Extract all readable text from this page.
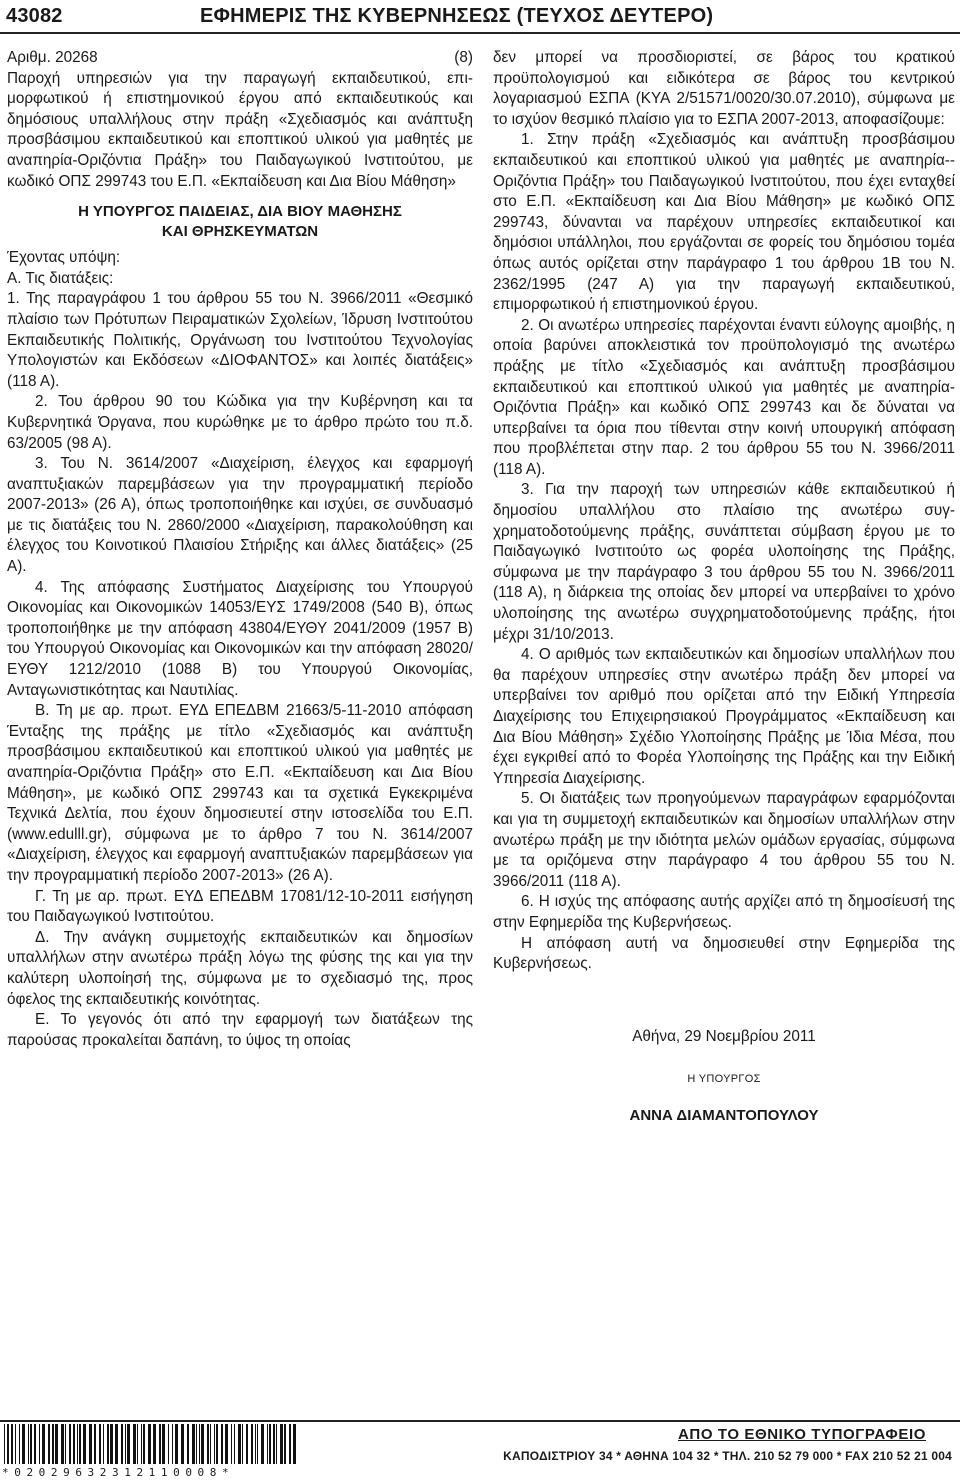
43082	ΕΦΗΜΕΡΙΣ ΤΗΣ ΚΥΒΕΡΝΗΣΕΩΣ (ΤΕΥΧΟΣ ΔΕΥΤΕΡΟ)

Αριθμ. 20268	(8)

Παροχή υπηρεσιών για την παραγωγή εκπαιδευτικού, επιμορφωτικού ή επιστημονικού έργου από εκπαιδευτικούς και δημόσιους υπαλλήλους στην πράξη «Σχεδιασμός και ανάπτυξη προσβάσιμου εκπαιδευτικού και εποπτικού υλικού για μαθητές με αναπηρία-Οριζόντια Πράξη» του Παιδαγωγικού Ινστιτούτου, με κωδικό ΟΠΣ 299743 του Ε.Π. «Εκπαίδευση και Δια Βίου Μάθηση»

Η ΥΠΟΥΡΓΟΣ ΠΑΙΔΕΙΑΣ, ΔΙΑ ΒΙΟΥ ΜΑΘΗΣΗΣ
ΚΑΙ ΘΡΗΣΚΕΥΜΑΤΩΝ

Έχοντας υπόψη:

Α. Τις διατάξεις:

1. Της παραγράφου 1 του άρθρου 55 του Ν. 3966/2011 «Θεσμικό πλαίσιο των Πρότυπων Πειραματικών Σχολείων, Ίδρυση Ινστιτούτου Εκπαιδευτικής Πολιτικής, Οργάνωση του Ινστιτούτου Τεχνολογίας Υπολογιστών και Εκδόσεων «ΔΙΟΦΑΝΤΟΣ» και λοιπές διατάξεις» (118 Α).

2. Του άρθρου 90 του Κώδικα για την Κυβέρνηση και τα Κυβερνητικά Όργανα, που κυρώθηκε με το άρθρο πρώτο του π.δ. 63/2005 (98 Α).

3. Του Ν. 3614/2007 «Διαχείριση, έλεγχος και εφαρμογή αναπτυξιακών παρεμβάσεων για την προγραμματική περίοδο 2007-2013» (26 Α), όπως τροποποιήθηκε και ισχύει, σε συνδυασμό με τις διατάξεις του Ν. 2860/2000 «Διαχείριση, παρακολούθηση και έλεγχος του Κοινοτικού Πλαισίου Στήριξης και άλλες διατάξεις» (25 Α).

4. Της απόφασης Συστήματος Διαχείρισης του Υπουργού Οικονομίας και Οικονομικών 14053/ΕΥΣ 1749/2008 (540 Β), όπως τροποποιήθηκε με την απόφαση 43804/ΕΥΘΥ 2041/2009 (1957 Β) του Υπουργού Οικονομίας και Οικονομικών και την απόφαση 28020/ΕΥΘΥ 1212/2010 (1088 Β) του Υπουργού Οικονομίας, Ανταγωνιστικότητας και Ναυτιλίας.

Β. Τη με αρ. πρωτ. ΕΥΔ ΕΠΕΔΒΜ 21663/5-11-2010 απόφαση Ένταξης της πράξης με τίτλο «Σχεδιασμός και ανάπτυξη προσβάσιμου εκπαιδευτικού και εποπτικού υλικού για μαθητές με αναπηρία-Οριζόντια Πράξη» στο Ε.Π. «Εκπαίδευση και Δια Βίου Μάθηση», με κωδικό ΟΠΣ 299743 και τα σχετικά Εγκεκριμένα Τεχνικά Δελτία, που έχουν δημοσιευτεί στην ιστοσελίδα του Ε.Π. (www.edulll.gr), σύμφωνα με το άρθρο 7 του Ν. 3614/2007 «Διαχείριση, έλεγχος και εφαρμογή αναπτυξιακών παρεμβάσεων για την προγραμματική περίοδο 2007-2013» (26 Α).

Γ. Τη με αρ. πρωτ. ΕΥΔ ΕΠΕΔΒΜ 17081/12-10-2011 εισήγηση του Παιδαγωγικού Ινστιτούτου.

Δ. Την ανάγκη συμμετοχής εκπαιδευτικών και δημοσίων υπαλλήλων στην ανωτέρω πράξη λόγω της φύσης της και για την καλύτερη υλοποίησή της, σύμφωνα με το σχεδιασμό της, προς όφελος της εκπαιδευτικής κοινότητας.

Ε. Το γεγονός ότι από την εφαρμογή των διατάξεων της παρούσας προκαλείται δαπάνη, το ύψος τη οποίας

δεν μπορεί να προσδιοριστεί, σε βάρος του κρατικού προϋπολογισμού και ειδικότερα σε βάρος του κεντρικού λογαριασμού ΕΣΠΑ (ΚΥΑ 2/51571/0020/30.07.2010), σύμφωνα με το ισχύον θεσμικό πλαίσιο για το ΕΣΠΑ 2007-2013, αποφασίζουμε:

1. Στην πράξη «Σχεδιασμός και ανάπτυξη προσβάσιμου εκπαιδευτικού και εποπτικού υλικού για μαθητές με αναπηρία-Οριζόντια Πράξη» του Παιδαγωγικού Ινστιτούτου, που έχει ενταχθεί στο Ε.Π. «Εκπαίδευση και Δια Βίου Μάθηση» με κωδικό ΟΠΣ 299743, δύνανται να παρέχουν υπηρεσίες εκπαιδευτικοί και δημόσιοι υπάλληλοι, που εργάζονται σε φορείς του δημόσιου τομέα όπως αυτός ορίζεται στην παράγραφο 1 του άρθρου 1Β του Ν. 2362/1995 (247 Α) για την παραγωγή εκπαιδευτικού, επιμορφωτικού ή επιστημονικού έργου.

2. Οι ανωτέρω υπηρεσίες παρέχονται έναντι εύλογης αμοιβής, η οποία βαρύνει αποκλειστικά τον προϋπολογισμό της ανωτέρω πράξης με τίτλο «Σχεδιασμός και ανάπτυξη προσβάσιμου εκπαιδευτικού και εποπτικού υλικού για μαθητές με αναπηρία-Οριζόντια Πράξη» και κωδικό ΟΠΣ 299743 και δε δύναται να υπερβαίνει τα όρια που τίθενται στην κοινή υπουργική απόφαση που προβλέπεται στην παρ. 2 του άρθρου 55 του Ν. 3966/2011 (118 Α).

3. Για την παροχή των υπηρεσιών κάθε εκπαιδευτικού ή δημοσίου υπαλλήλου στο πλαίσιο της ανωτέρω συγχρηματοδοτούμενης πράξης, συνάπτεται σύμβαση έργου με το Παιδαγωγικό Ινστιτούτο ως φορέα υλοποίησης της Πράξης, σύμφωνα με την παράγραφο 3 του άρθρου 55 του Ν. 3966/2011 (118 Α), η διάρκεια της οποίας δεν μπορεί να υπερβαίνει το χρόνο υλοποίησης της ανωτέρω συγχρηματοδοτούμενης πράξης, ήτοι μέχρι 31/10/2013.

4. Ο αριθμός των εκπαιδευτικών και δημοσίων υπαλλήλων που θα παρέχουν υπηρεσίες στην ανωτέρω πράξη δεν μπορεί να υπερβαίνει τον αριθμό που ορίζεται από την Ειδική Υπηρεσία Διαχείρισης του Επιχειρησιακού Προγράμματος «Εκπαίδευση και Δια Βίου Μάθηση» Σχέδιο Υλοποίησης Πράξης με Ίδια Μέσα, που έχει εγκριθεί από το Φορέα Υλοποίησης της Πράξης και την Ειδική Υπηρεσία Διαχείρισης.

5. Οι διατάξεις των προηγούμενων παραγράφων εφαρμόζονται και για τη συμμετοχή εκπαιδευτικών και δημοσίων υπαλλήλων στην ανωτέρω πράξη με την ιδιότητα μελών ομάδων εργασίας, σύμφωνα με τα οριζόμενα στην παράγραφο 4 του άρθρου 55 του Ν. 3966/2011 (118 Α).

6. Η ισχύς της απόφασης αυτής αρχίζει από τη δημοσίευσή της στην Εφημερίδα της Κυβερνήσεως.

Η απόφαση αυτή να δημοσιευθεί στην Εφημερίδα της Κυβερνήσεως.

Αθήνα, 29 Νοεμβρίου 2011

Η ΥΠΟΥΡΓΟΣ

ΑΝΝΑ ΔΙΑΜΑΝΤΟΠΟΥΛΟΥ

*02029632312110008*
ΑΠΟ ΤΟ ΕΘΝΙΚΟ ΤΥΠΟΓΡΑΦΕΙΟ
ΚΑΠΟΔΙΣΤΡΙΟΥ 34 * ΑΘΗΝΑ 104 32 * ΤΗΛ. 210 52 79 000 * FAX 210 52 21 004
